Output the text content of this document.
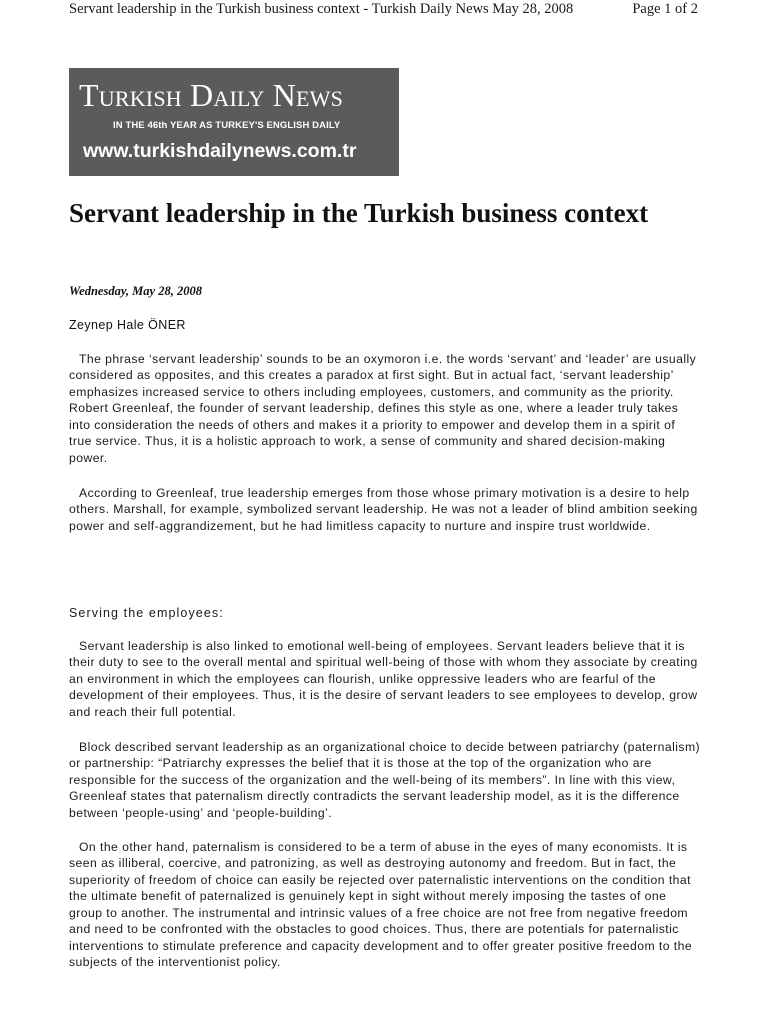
Servant leadership in the Turkish business context - Turkish Daily News May 28, 2008	Page 1 of 2
Turkish Daily News
IN THE 46th YEAR AS TURKEY'S ENGLISH DAILY
www.turkishdailynews.com.tr
Servant leadership in the Turkish business context

Wednesday, May 28, 2008

Zeynep Hale ÖNER

The phrase ‘servant leadership’ sounds to be an oxymoron i.e. the words ‘servant’ and ‘leader’ are usually considered as opposites, and this creates a paradox at first sight. But in actual fact, ‘servant leadership’ emphasizes increased service to others including employees, customers, and community as the priority. Robert Greenleaf, the founder of servant leadership, defines this style as one, where a leader truly takes into consideration the needs of others and makes it a priority to empower and develop them in a spirit of true service. Thus, it is a holistic approach to work, a sense of community and shared decision-making power.

According to Greenleaf, true leadership emerges from those whose primary motivation is a desire to help others. Marshall, for example, symbolized servant leadership. He was not a leader of blind ambition seeking power and self-aggrandizement, but he had limitless capacity to nurture and inspire trust worldwide.

Serving the employees:

Servant leadership is also linked to emotional well-being of employees. Servant leaders believe that it is their duty to see to the overall mental and spiritual well-being of those with whom they associate by creating an environment in which the employees can flourish, unlike oppressive leaders who are fearful of the development of their employees. Thus, it is the desire of servant leaders to see employees to develop, grow and reach their full potential.

Block described servant leadership as an organizational choice to decide between patriarchy (paternalism) or partnership: “Patriarchy expresses the belief that it is those at the top of the organization who are responsible for the success of the organization and the well-being of its members”. In line with this view, Greenleaf states that paternalism directly contradicts the servant leadership model, as it is the difference between ‘people-using’ and ‘people-building’.

On the other hand, paternalism is considered to be a term of abuse in the eyes of many economists. It is seen as illiberal, coercive, and patronizing, as well as destroying autonomy and freedom. But in fact, the superiority of freedom of choice can easily be rejected over paternalistic interventions on the condition that the ultimate benefit of paternalized is genuinely kept in sight without merely imposing the tastes of one group to another. The instrumental and intrinsic values of a free choice are not free from negative freedom and need to be confronted with the obstacles to good choices. Thus, there are potentials for paternalistic interventions to stimulate preference and capacity development and to offer greater positive freedom to the subjects of the interventionist policy.
